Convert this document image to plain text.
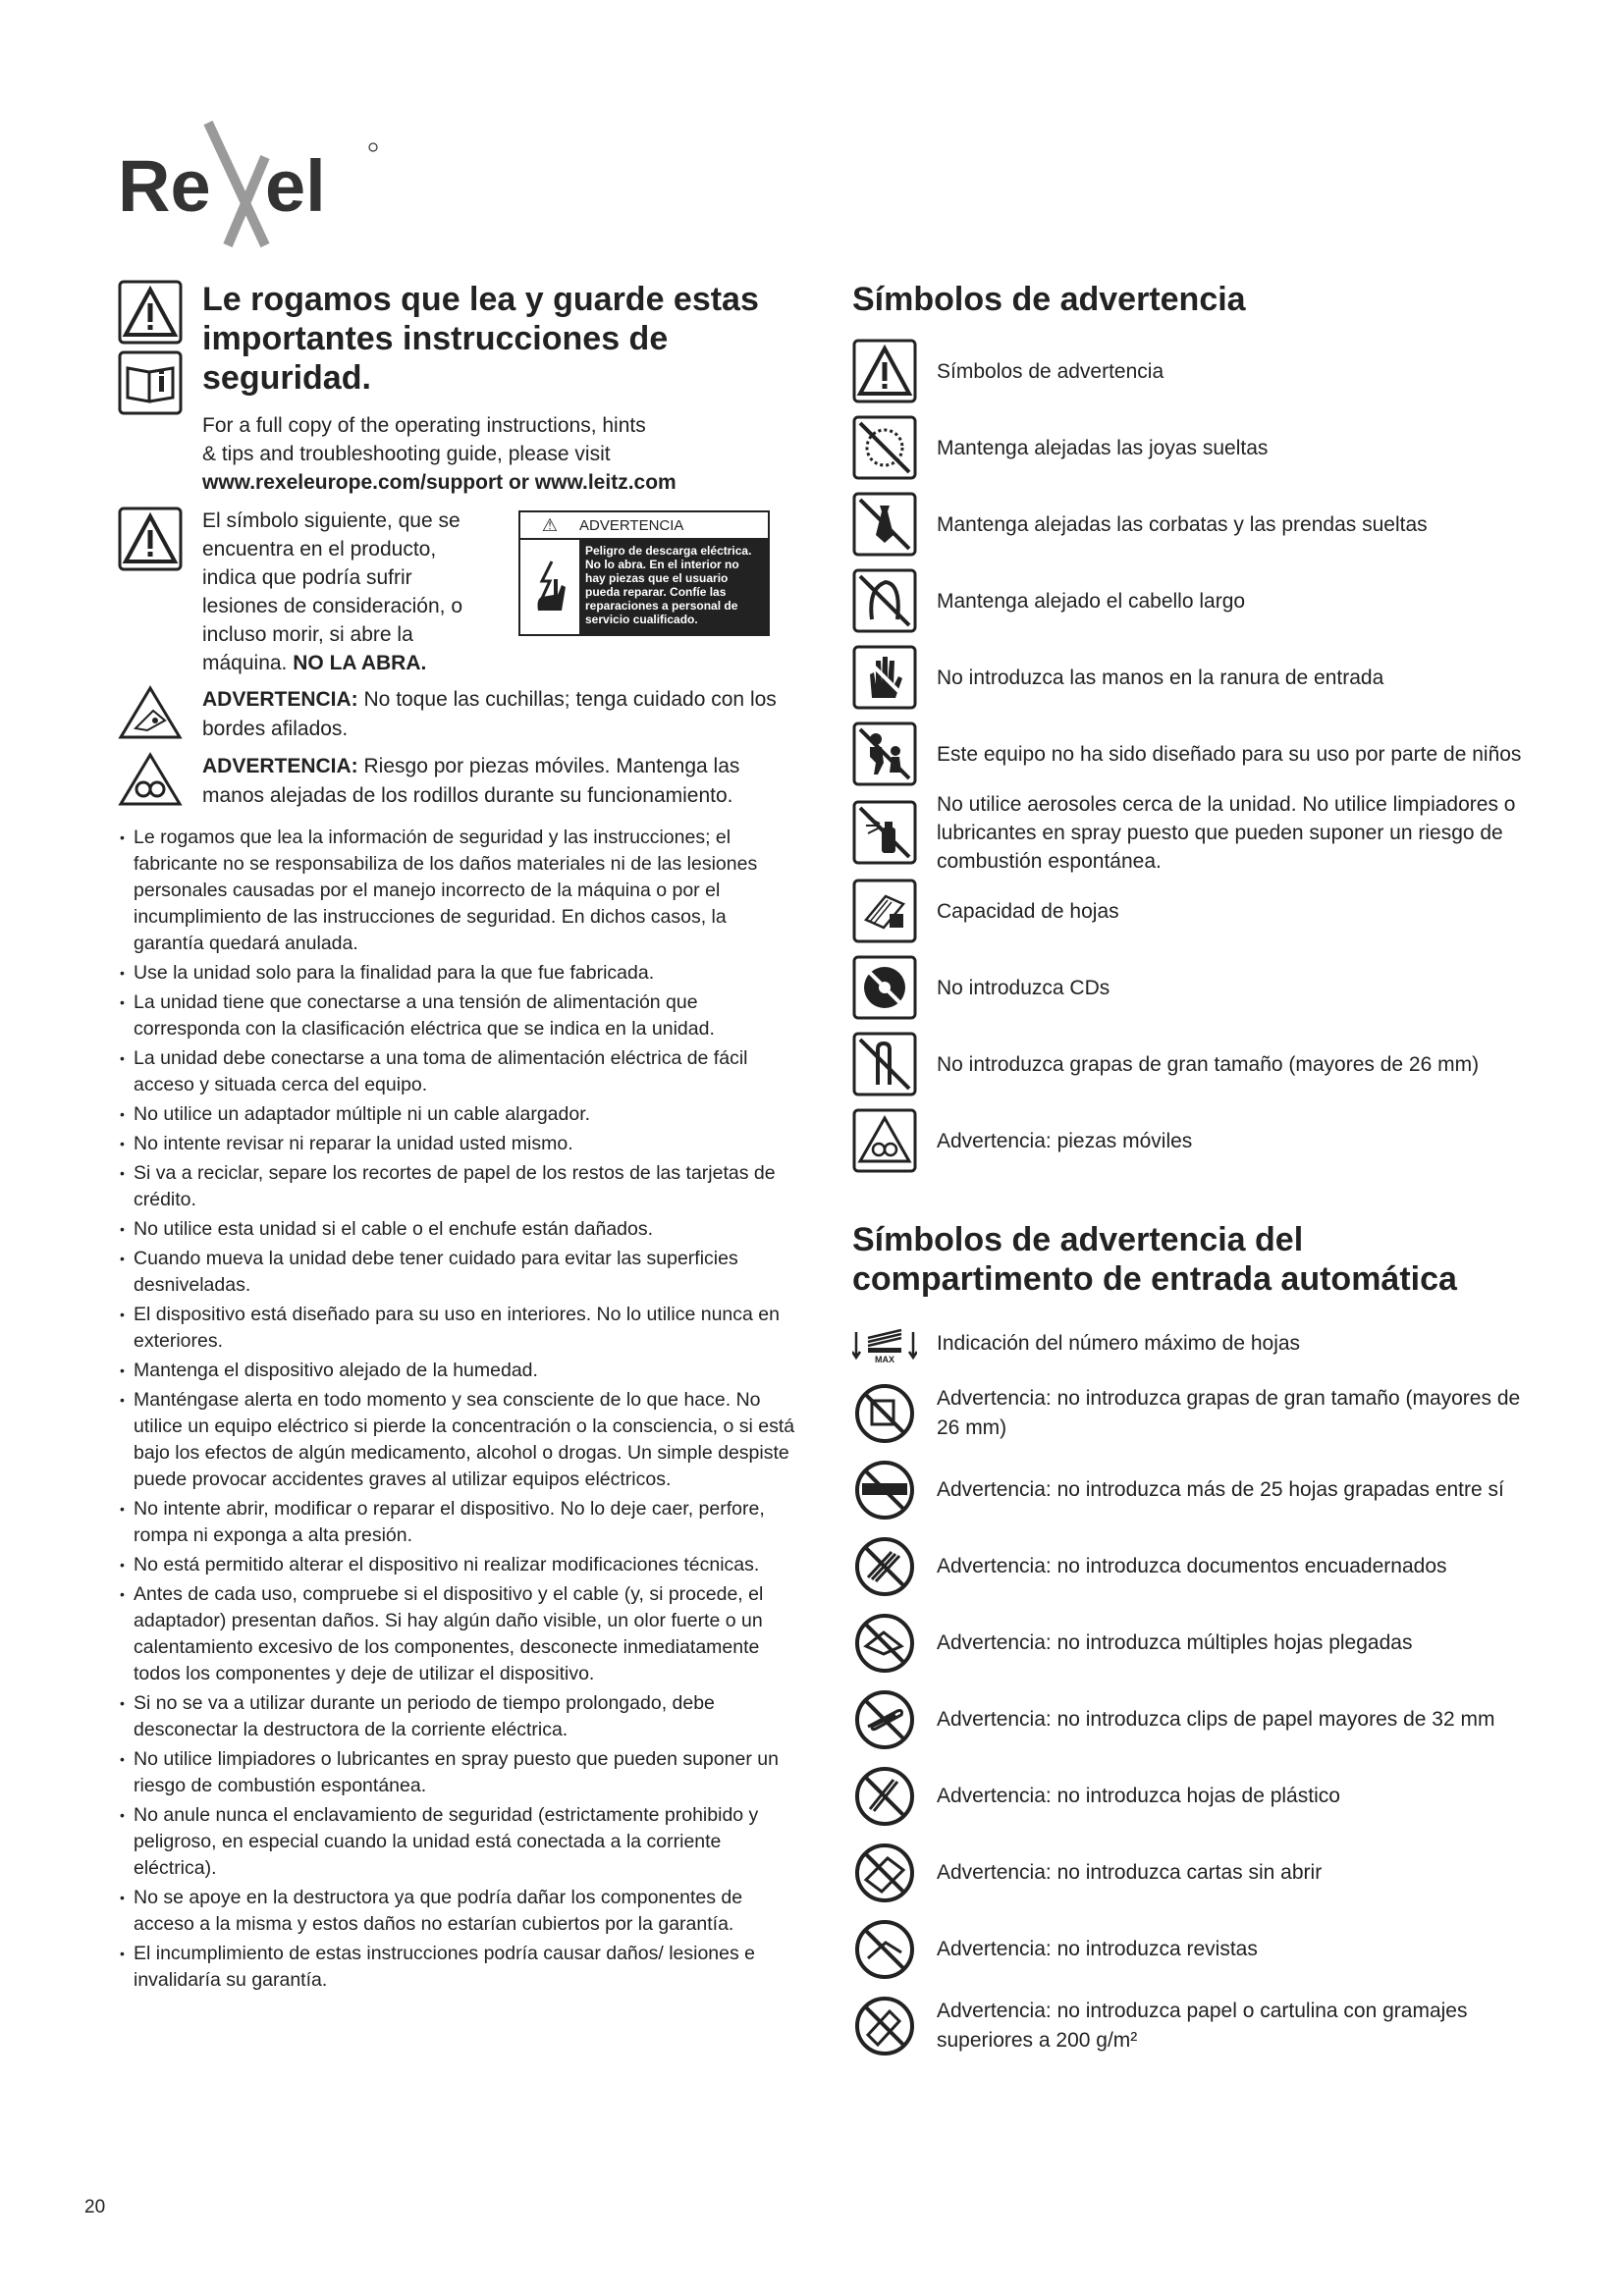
Re el
Le rogamos que lea y guarde estas importantes instrucciones de seguridad.
For a full copy of the operating instructions, hints
& tips and troubleshooting guide, please visit
www.rexeleurope.com/support or www.leitz.com
El símbolo siguiente, que se encuentra en el producto, indica que podría sufrir lesiones de consideración, o incluso morir, si abre la máquina. NO LA ABRA.
⚠	ADVERTENCIA
Peligro de descarga eléctrica. No lo abra. En el interior no hay piezas que el usuario pueda reparar. Confíe las reparaciones a personal de servicio cualificado.
ADVERTENCIA: No toque las cuchillas; tenga cuidado con los bordes afilados.
ADVERTENCIA: Riesgo por piezas móviles. Mantenga las manos alejadas de los rodillos durante su funcionamiento.
• Le rogamos que lea la información de seguridad y las instrucciones; el fabricante no se responsabiliza de los daños materiales ni de las lesiones personales causadas por el manejo incorrecto de la máquina o por el incumplimiento de las instrucciones de seguridad. En dichos casos, la garantía quedará anulada.
• Use la unidad solo para la finalidad para la que fue fabricada.
• La unidad tiene que conectarse a una tensión de alimentación que corresponda con la clasificación eléctrica que se indica en la unidad.
• La unidad debe conectarse a una toma de alimentación eléctrica de fácil acceso y situada cerca del equipo.
• No utilice un adaptador múltiple ni un cable alargador.
• No intente revisar ni reparar la unidad usted mismo.
• Si va a reciclar, separe los recortes de papel de los restos de las tarjetas de crédito.
• No utilice esta unidad si el cable o el enchufe están dañados.
• Cuando mueva la unidad debe tener cuidado para evitar las superficies desniveladas.
• El dispositivo está diseñado para su uso en interiores. No lo utilice nunca en exteriores.
• Mantenga el dispositivo alejado de la humedad.
• Manténgase alerta en todo momento y sea consciente de lo que hace. No utilice un equipo eléctrico si pierde la concentración o la consciencia, o si está bajo los efectos de algún medicamento, alcohol o drogas. Un simple despiste puede provocar accidentes graves al utilizar equipos eléctricos.
• No intente abrir, modificar o reparar el dispositivo. No lo deje caer, perfore, rompa ni exponga a alta presión.
• No está permitido alterar el dispositivo ni realizar modificaciones técnicas.
• Antes de cada uso, compruebe si el dispositivo y el cable (y, si procede, el adaptador) presentan daños. Si hay algún daño visible, un olor fuerte o un calentamiento excesivo de los componentes, desconecte inmediatamente todos los componentes y deje de utilizar el dispositivo.
• Si no se va a utilizar durante un periodo de tiempo prolongado, debe desconectar la destructora de la corriente eléctrica.
• No utilice limpiadores o lubricantes en spray puesto que pueden suponer un riesgo de combustión espontánea.
• No anule nunca el enclavamiento de seguridad (estrictamente prohibido y peligroso, en especial cuando la unidad está conectada a la corriente eléctrica).
• No se apoye en la destructora ya que podría dañar los componentes de acceso a la misma y estos daños no estarían cubiertos por la garantía.
• El incumplimiento de estas instrucciones podría causar daños/ lesiones e invalidaría su garantía.
Símbolos de advertencia
Símbolos de advertencia
Mantenga alejadas las joyas sueltas
Mantenga alejadas las corbatas y las prendas sueltas
Mantenga alejado el cabello largo
No introduzca las manos en la ranura de entrada
Este equipo no ha sido diseñado para su uso por parte de niños
No utilice aerosoles cerca de la unidad. No utilice limpiadores o lubricantes en spray puesto que pueden suponer un riesgo de combustión espontánea.
Capacidad de hojas
No introduzca CDs
No introduzca grapas de gran tamaño (mayores de 26 mm)
Advertencia: piezas móviles
Símbolos de advertencia del compartimento de entrada automática
MAX
Indicación del número máximo de hojas
Advertencia: no introduzca grapas de gran tamaño (mayores de 26 mm)
Advertencia: no introduzca más de 25 hojas grapadas entre sí
Advertencia: no introduzca documentos encuadernados
Advertencia: no introduzca múltiples hojas plegadas
Advertencia: no introduzca clips de papel mayores de 32 mm
Advertencia: no introduzca hojas de plástico
Advertencia: no introduzca cartas sin abrir
Advertencia: no introduzca revistas
Advertencia: no introduzca papel o cartulina con gramajes superiores a 200 g/m²
20
